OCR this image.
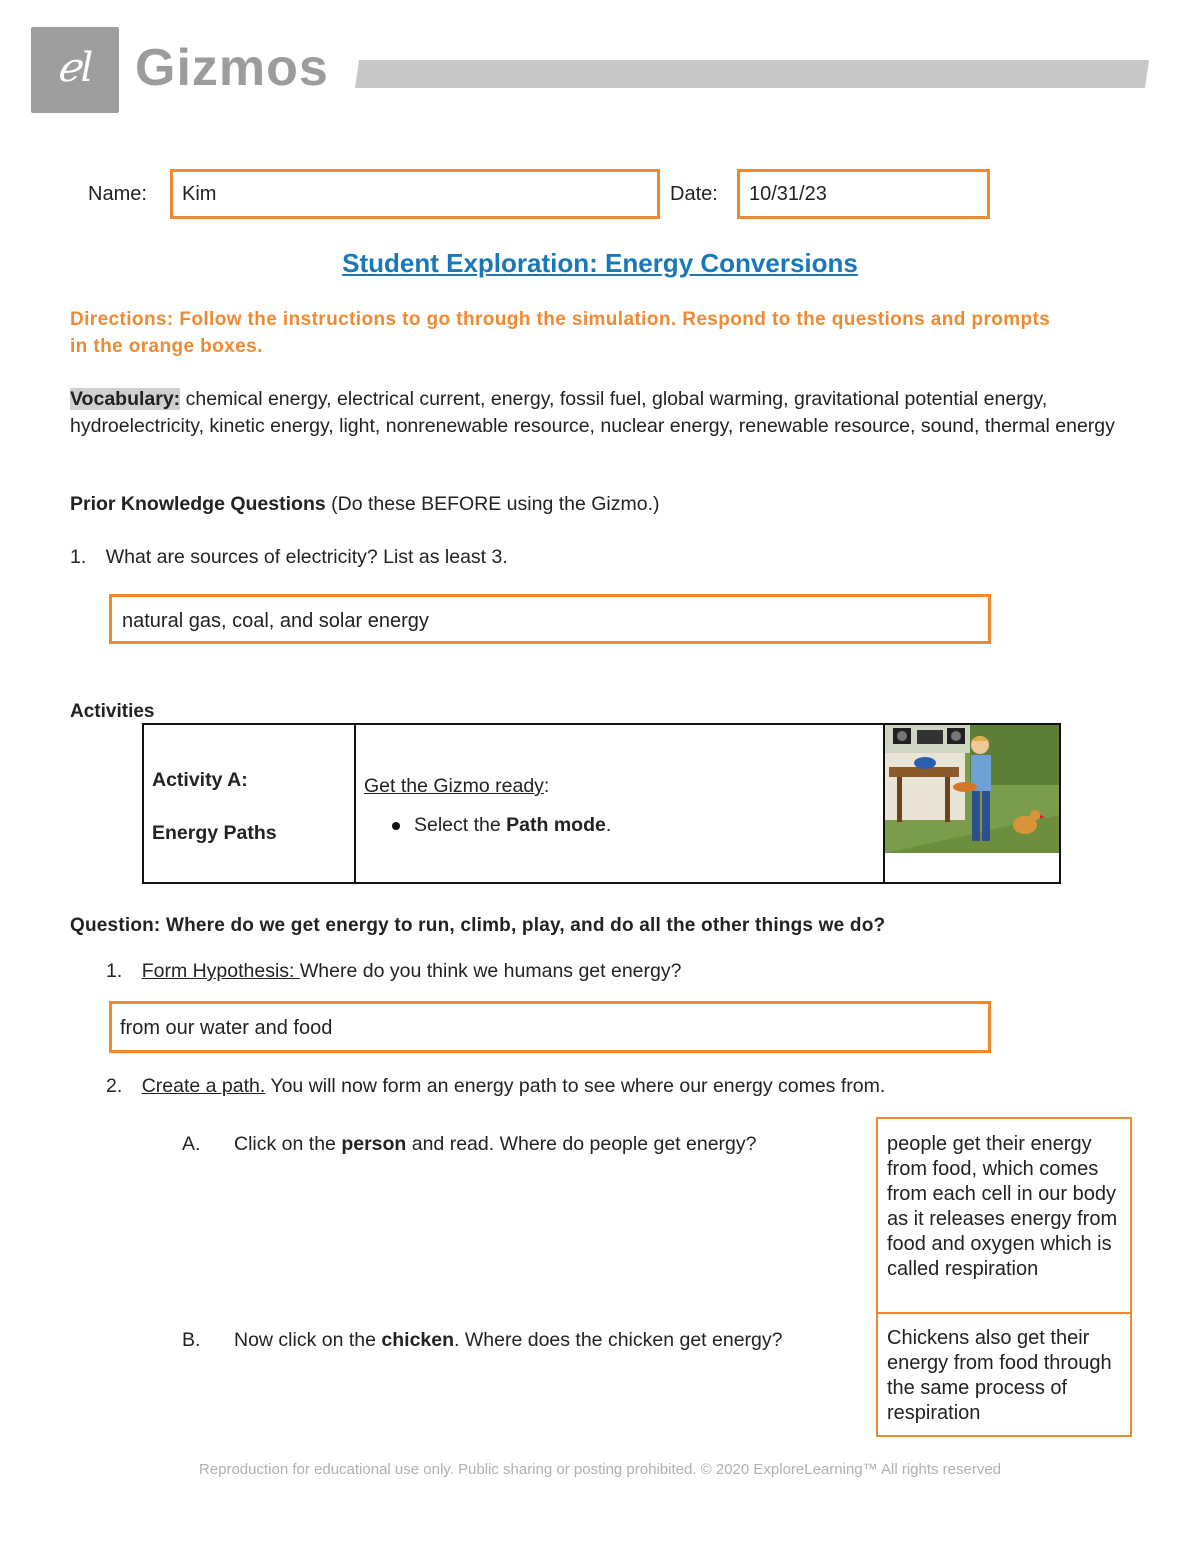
ℯl Gizmos
Name:	Kim	Date:	10/31/23
Student Exploration: Energy Conversions
Directions: Follow the instructions to go through the simulation. Respond to the questions and prompts in the orange boxes.
Vocabulary: chemical energy, electrical current, energy, fossil fuel, global warming, gravitational potential energy, hydroelectricity, kinetic energy, light, nonrenewable resource, nuclear energy, renewable resource, sound, thermal energy
Prior Knowledge Questions (Do these BEFORE using the Gizmo.)
1. What are sources of electricity? List as least 3.
natural gas, coal, and solar energy
Activities
Activity A:
Energy Paths

Get the Gizmo ready:
Select the Path mode.

Question: Where do we get energy to run, climb, play, and do all the other things we do?
1. Form Hypothesis: Where do you think we humans get energy?
from our water and food
2. Create a path. You will now form an energy path to see where our energy comes from.
A. Click on the person and read. Where do people get energy?	people get their energy from food, which comes from each cell in our body as it releases energy from food and oxygen which is called respiration
B. Now click on the chicken. Where does the chicken get energy?	Chickens also get their energy from food through the same process of respiration
Reproduction for educational use only. Public sharing or posting prohibited. © 2020 ExploreLearning™ All rights reserved
